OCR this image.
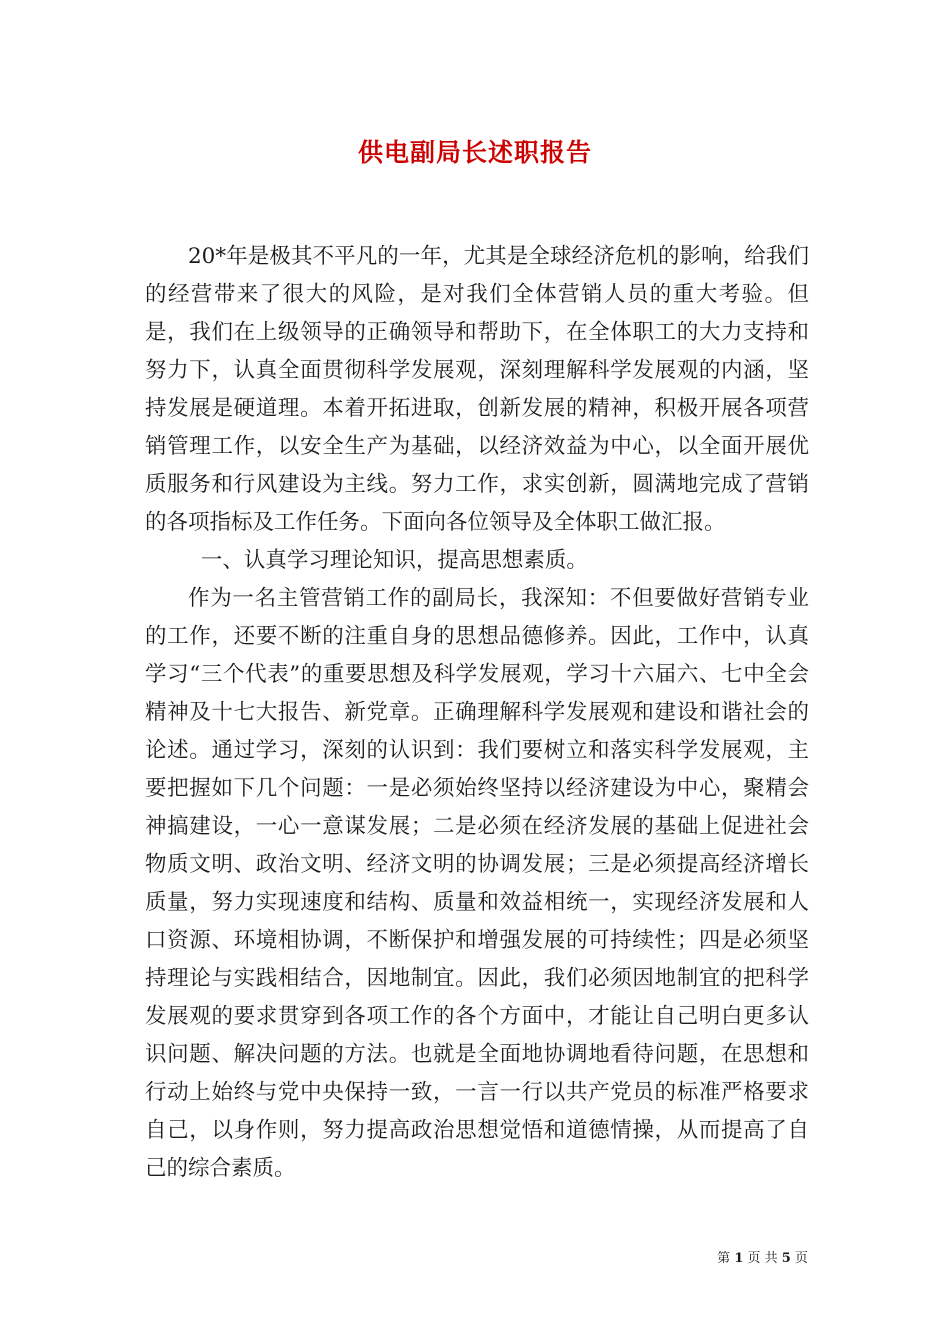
供电副局长述职报告

20*年是极其不平凡的一年，尤其是全球经济危机的影响，给我们的经营带来了很大的风险，是对我们全体营销人员的重大考验。但是，我们在上级领导的正确领导和帮助下，在全体职工的大力支持和努力下，认真全面贯彻科学发展观，深刻理解科学发展观的内涵，坚持发展是硬道理。本着开拓进取，创新发展的精神，积极开展各项营销管理工作，以安全生产为基础，以经济效益为中心，以全面开展优质服务和行风建设为主线。努力工作，求实创新，圆满地完成了营销的各项指标及工作任务。下面向各位领导及全体职工做汇报。

一、认真学习理论知识，提高思想素质。

作为一名主管营销工作的副局长，我深知：不但要做好营销专业的工作，还要不断的注重自身的思想品德修养。因此，工作中，认真学习“三个代表”的重要思想及科学发展观，学习十六届六、七中全会精神及十七大报告、新党章。正确理解科学发展观和建设和谐社会的论述。通过学习，深刻的认识到：我们要树立和落实科学发展观，主要把握如下几个问题：一是必须始终坚持以经济建设为中心，聚精会神搞建设，一心一意谋发展；二是必须在经济发展的基础上促进社会物质文明、政治文明、经济文明的协调发展；三是必须提高经济增长质量，努力实现速度和结构、质量和效益相统一，实现经济发展和人口资源、环境相协调，不断保护和增强发展的可持续性；四是必须坚持理论与实践相结合，因地制宜。因此，我们必须因地制宜的把科学发展观的要求贯穿到各项工作的各个方面中，才能让自己明白更多认识问题、解决问题的方法。也就是全面地协调地看待问题，在思想和行动上始终与党中央保持一致，一言一行以共产党员的标准严格要求自己，以身作则，努力提高政治思想觉悟和道德情操，从而提高了自己的综合素质。

第 1 页 共 5 页
